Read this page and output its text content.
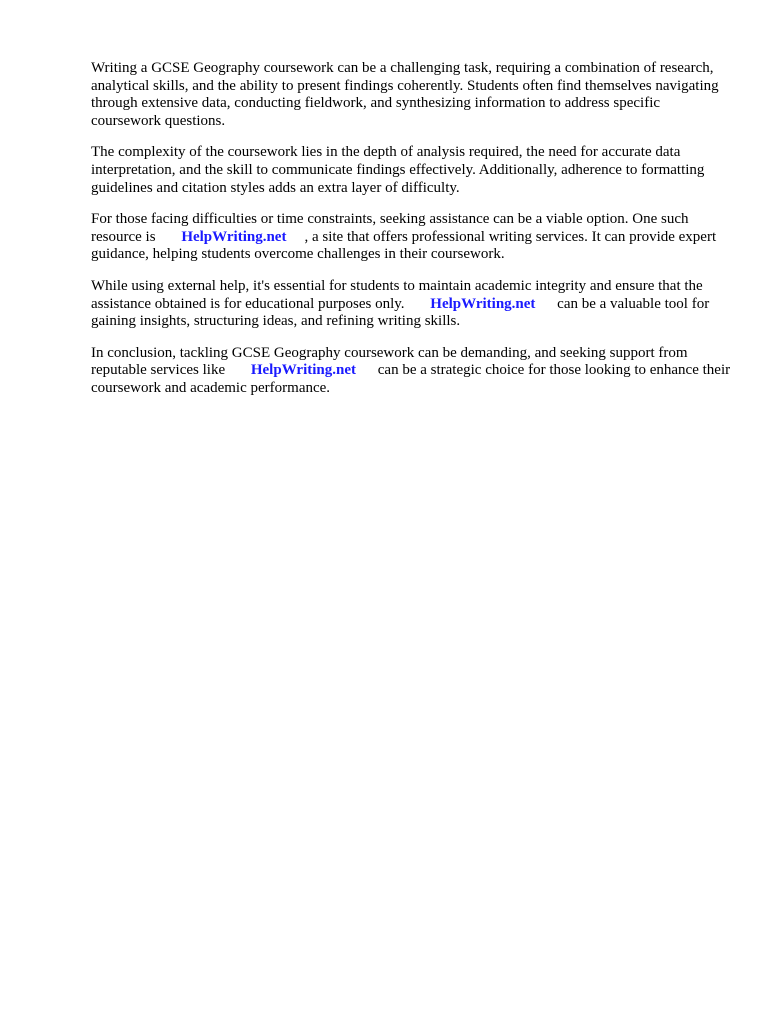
Writing a GCSE Geography coursework can be a challenging task, requiring a combination of research, analytical skills, and the ability to present findings coherently. Students often find themselves navigating through extensive data, conducting fieldwork, and synthesizing information to address specific coursework questions.

The complexity of the coursework lies in the depth of analysis required, the need for accurate data interpretation, and the skill to communicate findings effectively. Additionally, adherence to formatting guidelines and citation styles adds an extra layer of difficulty.

For those facing difficulties or time constraints, seeking assistance can be a viable option. One such resource is HelpWriting.net , a site that offers professional writing services. It can provide expert guidance, helping students overcome challenges in their coursework.

While using external help, it's essential for students to maintain academic integrity and ensure that the assistance obtained is for educational purposes only. HelpWriting.net can be a valuable tool for gaining insights, structuring ideas, and refining writing skills.

In conclusion, tackling GCSE Geography coursework can be demanding, and seeking support from reputable services like HelpWriting.net can be a strategic choice for those looking to enhance their coursework and academic performance.
